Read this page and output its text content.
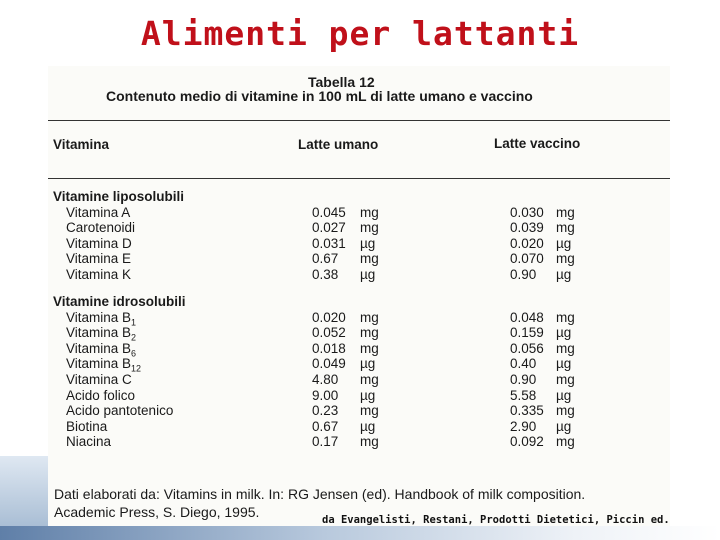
Alimenti per lattanti
Tabella 12
Contenuto medio di vitamine in 100 mL di latte umano e vaccino
Vitamina	Latte umano	Latte vaccino
Vitamine liposolubili
Vitamina A	0.045 mg	0.030 mg
Carotenoidi	0.027 mg	0.039 mg
Vitamina D	0.031 µg	0.020 µg
Vitamina E	0.67 mg	0.070 mg
Vitamina K	0.38 µg	0.90 µg
Vitamine idrosolubili
Vitamina $B_1$	0.020 mg	0.048 mg
Vitamina $B_2$	0.052 mg	0.159 µg
Vitamina $B_6$	0.018 mg	0.056 mg
Vitamina $B_{12}$	0.049 µg	0.40 µg
Vitamina C	4.80 mg	0.90 mg
Acido folico	9.00 µg	5.58 µg
Acido pantotenico	0.23 mg	0.335 mg
Biotina	0.67 µg	2.90 µg
Niacina	0.17 mg	0.092 mg
Dati elaborati da: Vitamins in milk. In: RG Jensen (ed). Handbook of milk composition.
Academic Press, S. Diego, 1995.	da Evangelisti, Restani, Prodotti Dietetici, Piccin ed.
